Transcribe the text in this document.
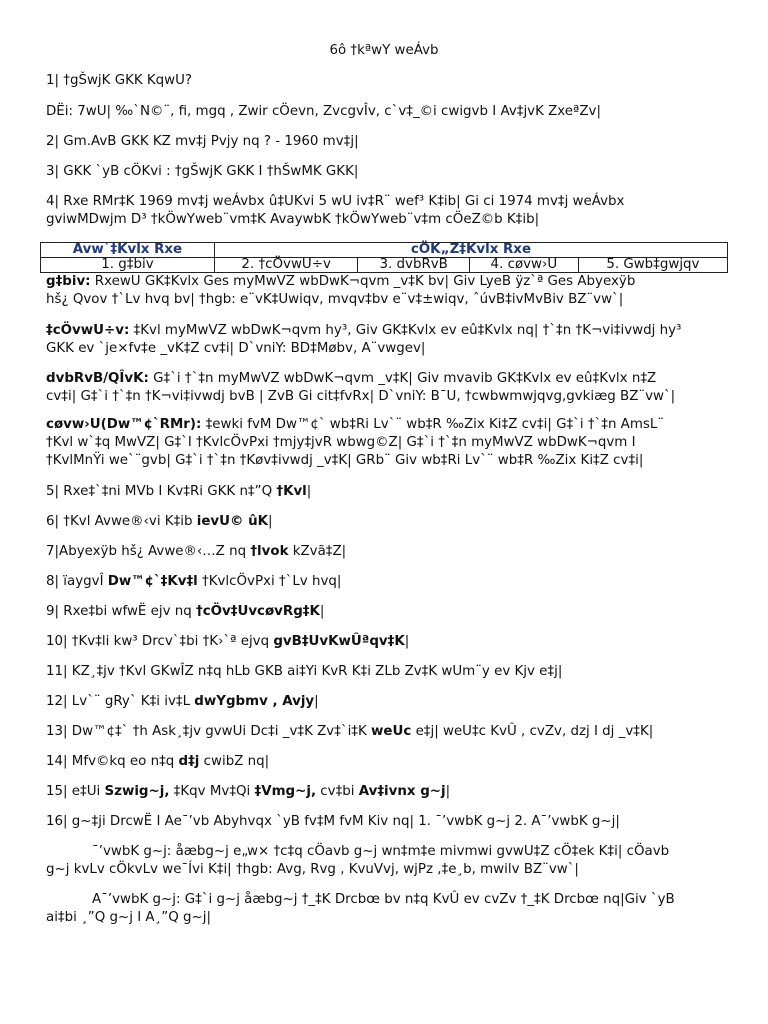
6ô †kªwY weÁvb
1| †gŠwjK GKK KqwU?
DËi: 7wU| ‰`N©¨, fi, mgq , Zwir cÖevn, ZvcgvÎv, c`v‡_©i cwigvb I Av‡jvK ZxeªZv|
2| Gm.AvB GKK KZ mv‡j Pvjy nq ? - 1960 mv‡j|
3| GKK `yB cÖKvi : †gŠwjK GKK I †hŠwMK GKK|
4| Rxe RMr‡K 1969 mv‡j weÁvbx û‡UKvi 5 wU iv‡R¨ wef³ K‡ib| Gi ci 1974 mv‡j weÁvbx
gviwMDwjm D³ †kÖwYweb¨vm‡K AvaywbK †kÖwYweb¨v‡m cÖeZ©b K‡ib|
Avw`‡Kvlx Rxe	cÖK„Z‡Kvlx Rxe			
1. g‡biv	2. †cÖvwU÷v	3. dvbRvB	4. cøvw›U	5. Gwb‡gwjqv
g‡biv: RxewU GK‡Kvlx Ges myMwVZ wbDwK¬qvm _v‡K bv| Giv LyeB ÿz`ª Ges Abyexÿb
hš¿ Qvov †`Lv hvq bv| †hgb: e¨vK‡Uwiqv, mvqv‡bv e¨v‡±wiqv, ˆúvB‡ivMvBiv BZ¨vw`|
‡cÖvwU÷v: ‡Kvl myMwVZ wbDwK¬qvm hy³, Giv GK‡Kvlx ev eû‡Kvlx nq| †`‡n †K¬vi‡ivwdj hy³
GKK ev `je×fv‡e _vK‡Z cv‡i| D`vniY: BD‡Møbv, A¨vwgev|
dvbRvB/QÎvK: G‡`i †`‡n myMwVZ wbDwK¬qvm _v‡K| Giv mvavib GK‡Kvlx ev eû‡Kvlx n‡Z
cv‡i| G‡`i †`‡n †K¬vi‡ivwdj bvB | ZvB Gi cit‡fvRx| D`vniY: B¯U, †cwbwmwjqvg,gvkiæg BZ¨vw`|
cøvw›U(Dw™¢`RMr): ‡ewki fvM Dw™¢` wb‡Ri Lv`¨ wb‡R ‰Zix Ki‡Z cv‡i| G‡`i †`‡n AmsL¨
†Kvl w`‡q MwVZ| G‡`I †KvlcÖvPxi †mjy‡jvR wbwg©Z| G‡`i †`‡n myMwVZ wbDwK¬qvm I
†KvlMnŸi we`¨gvb| G‡`i †`‡n †Køv‡ivwdj _v‡K| GRb¨ Giv wb‡Ri Lv`¨ wb‡R ‰Zix Ki‡Z cv‡i|
5| Rxe‡`‡ni MVb I Kv‡Ri GKK n‡”Q †Kvl|
6| †Kvl Avwe®‹vi K‡ib ievU© ûK|
7|Abyexÿb hš¿ Avwe®‹…Z nq †lvok kZvã‡Z|
8| ïaygvÎ Dw™¢`‡Kv‡l †KvlcÖvPxi †`Lv hvq|
9| Rxe‡bi wfwË ejv nq †cÖv‡UvcøvRg‡K|
10| †Kv‡li kw³ Drcv`‡bi †K›`ª ejvq gvB‡UvKwÛªqv‡K|
11| KZ¸‡jv †Kvl GKwÎZ n‡q hLb GKB ai‡Yi KvR K‡i ZLb Zv‡K wUm¨y ev Kjv e‡j|
12| Lv`¨ gRy` K‡i iv‡L dwYgbmv , Avjy|
13| Dw™¢‡` †h Ask¸‡jv gvwUi Dc‡i _v‡K Zv‡`i‡K weUc e‡j| weU‡c KvÛ , cvZv, dzj I dj _v‡K|
14| Mfv©kq eo n‡q d‡j cwibZ nq|
15| e‡Ui Szwig~j, ‡Kqv Mv‡Qi ‡Vmg~j, cv‡bi Av‡ivnx g~j|
16| g~‡ji DrcwË I Ae¯’vb Abyhvqx `yB fv‡M fvM Kiv nq| 1. ¯’vwbK g~j 2. A¯’vwbK g~j|
¯’vwbK g~j: åæbg~j e„w× †c‡q cÖavb g~j wn‡m‡e mivmwi gvwU‡Z cÖ‡ek K‡i| cÖavb
g~j kvLv cÖkvLv weˉÍvi K‡i| †hgb: Avg, Rvg , KvuVvj, wjPz ,‡e¸b, mwilv BZ¨vw`|
A¯’vwbK g~j: G‡`i g~j åæbg~j †_‡K Drcbœ bv n‡q KvÛ ev cvZv †_‡K Drcbœ nq|Giv `yB
ai‡bi ¸”Q g~j I A¸”Q g~j|
